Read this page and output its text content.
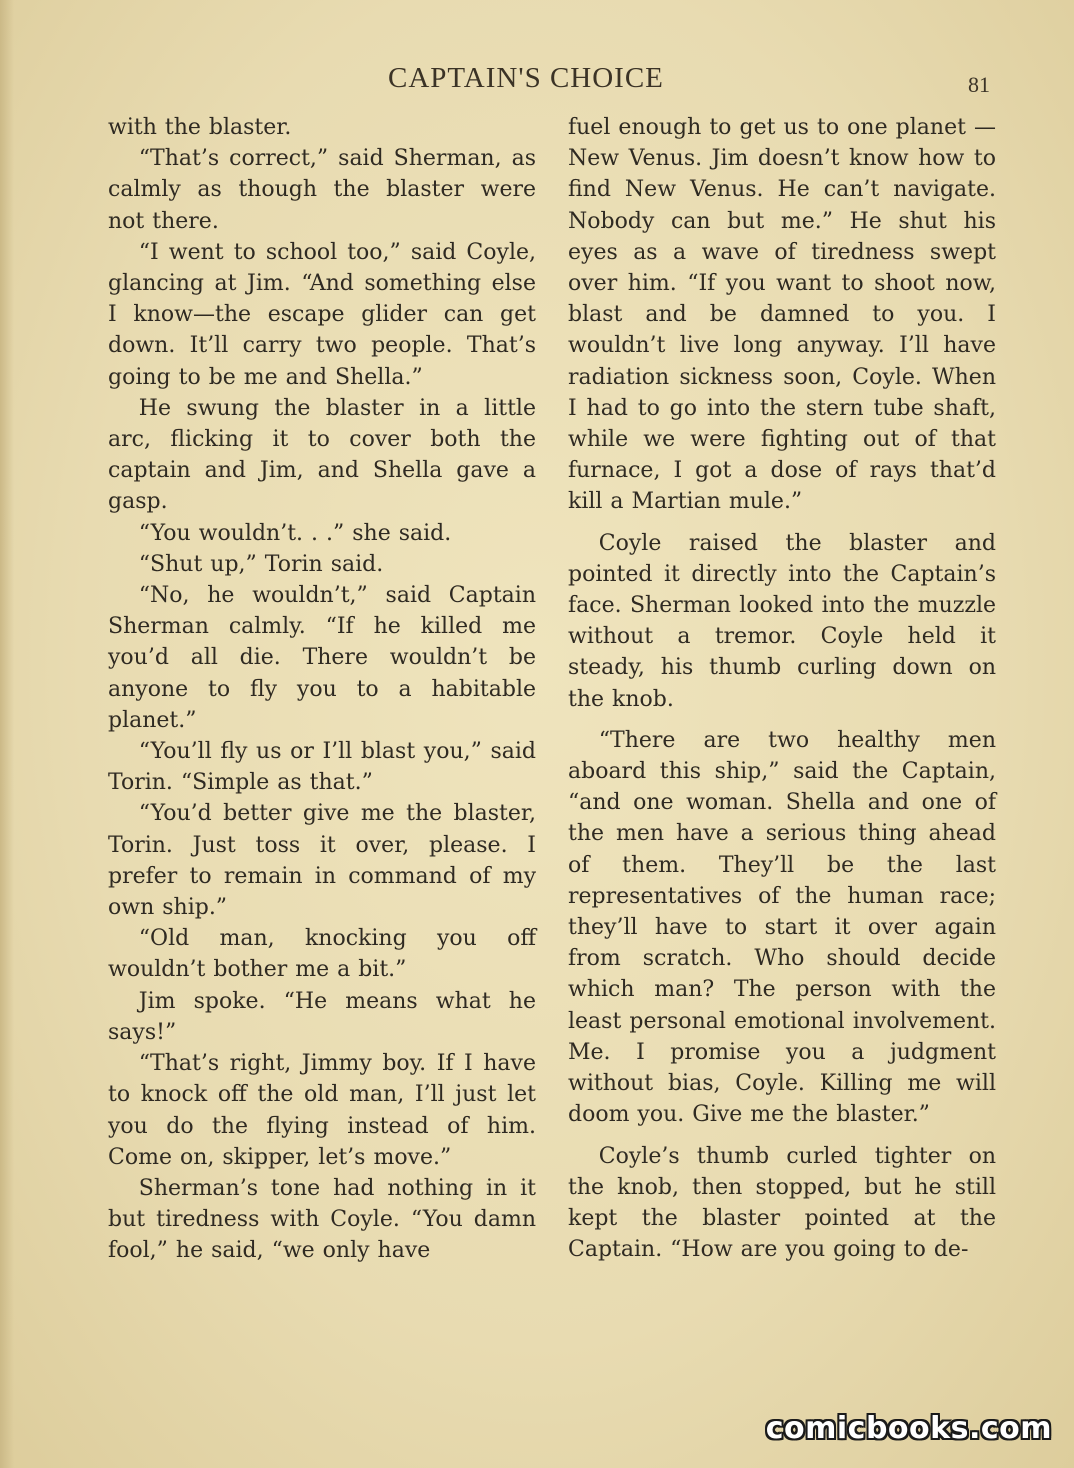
CAPTAIN'S CHOICE	81

with the blaster.

“That’s correct,” said Sherman, as calmly as though the blaster were not there.

“I went to school too,” said Coyle, glancing at Jim. “And something else I know—the escape glider can get down. It’ll carry two people. That’s going to be me and Shella.”

He swung the blaster in a little arc, flicking it to cover both the captain and Jim, and Shella gave a gasp.

“You wouldn’t. . .” she said.

“Shut up,” Torin said.

“No, he wouldn’t,” said Captain Sherman calmly. “If he killed me you’d all die. There wouldn’t be anyone to fly you to a habitable planet.”

“You’ll fly us or I’ll blast you,” said Torin. “Simple as that.”

“You’d better give me the blaster, Torin. Just toss it over, please. I prefer to remain in command of my own ship.”

“Old man, knocking you off wouldn’t bother me a bit.”

Jim spoke. “He means what he says!”

“That’s right, Jimmy boy. If I have to knock off the old man, I’ll just let you do the flying instead of him. Come on, skipper, let’s move.”

Sherman’s tone had nothing in it but tiredness with Coyle. “You damn fool,” he said, “we only have

fuel enough to get us to one planet —New Venus. Jim doesn’t know how to find New Venus. He can’t navigate. Nobody can but me.” He shut his eyes as a wave of tiredness swept over him. “If you want to shoot now, blast and be damned to you. I wouldn’t live long anyway. I’ll have radiation sickness soon, Coyle. When I had to go into the stern tube shaft, while we were fighting out of that furnace, I got a dose of rays that’d kill a Martian mule.”

Coyle raised the blaster and pointed it directly into the Captain’s face. Sherman looked into the muzzle without a tremor. Coyle held it steady, his thumb curling down on the knob.

“There are two healthy men aboard this ship,” said the Captain, “and one woman. Shella and one of the men have a serious thing ahead of them. They’ll be the last representatives of the human race; they’ll have to start it over again from scratch. Who should decide which man? The person with the least personal emotional involvement. Me. I promise you a judgment without bias, Coyle. Killing me will doom you. Give me the blaster.”

Coyle’s thumb curled tighter on the knob, then stopped, but he still kept the blaster pointed at the Captain. “How are you going to de-

comicbooks.com
